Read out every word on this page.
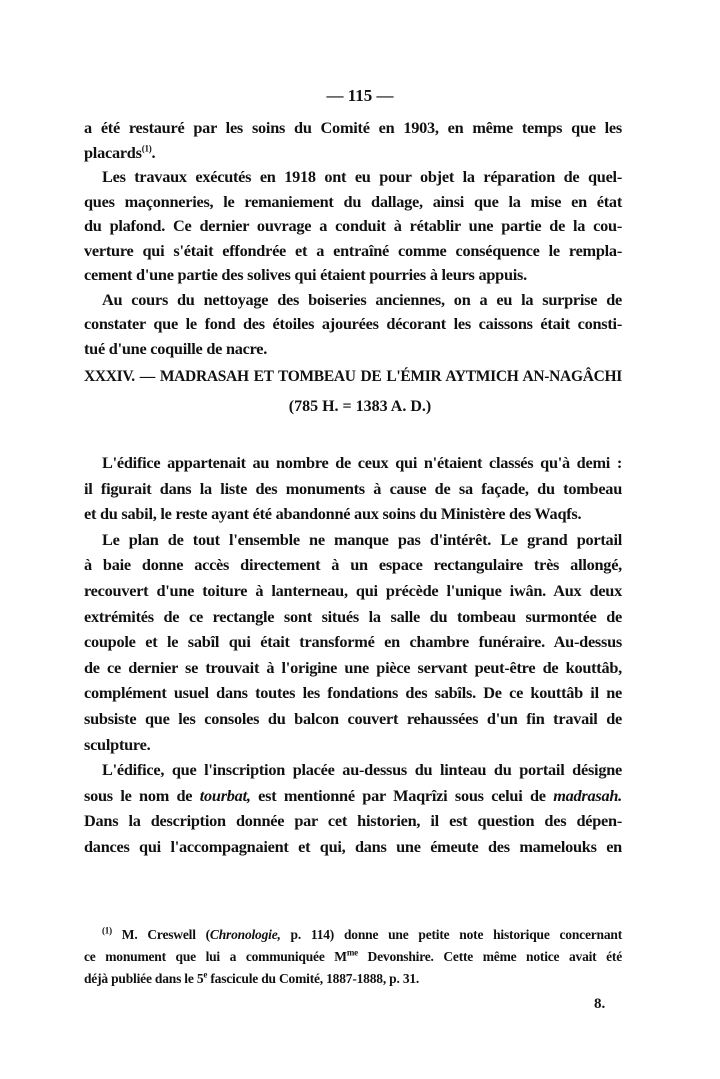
— 115 —
a été restauré par les soins du Comité en 1903, en même temps que les
placards$^{(1)}$.
Les travaux exécutés en 1918 ont eu pour objet la réparation de quel-
ques maçonneries, le remaniement du dallage, ainsi que la mise en état
du plafond. Ce dernier ouvrage a conduit à rétablir une partie de la cou-
verture qui s'était effondrée et a entraîné comme conséquence le rempla-
cement d'une partie des solives qui étaient pourries à leurs appuis.
Au cours du nettoyage des boiseries anciennes, on a eu la surprise de
constater que le fond des étoiles ajourées décorant les caissons était consti-
tué d'une coquille de nacre.
XXXIV. — MADRASAH ET TOMBEAU DE L'ÉMIR AYTMICH AN-NAGÂCHI
(785 H. = 1383 A. D.)
L'édifice appartenait au nombre de ceux qui n'étaient classés qu'à demi :
il figurait dans la liste des monuments à cause de sa façade, du tombeau
et du sabil, le reste ayant été abandonné aux soins du Ministère des Waqfs.
Le plan de tout l'ensemble ne manque pas d'intérêt. Le grand portail
à baie donne accès directement à un espace rectangulaire très allongé,
recouvert d'une toiture à lanterneau, qui précède l'unique iwân. Aux deux
extrémités de ce rectangle sont situés la salle du tombeau surmontée de
coupole et le sabîl qui était transformé en chambre funéraire. Au-dessus
de ce dernier se trouvait à l'origine une pièce servant peut-être de kouttâb,
complément usuel dans toutes les fondations des sabîls. De ce kouttâb il ne
subsiste que les consoles du balcon couvert rehaussées d'un fin travail de
sculpture.
L'édifice, que l'inscription placée au-dessus du linteau du portail désigne
sous le nom de tourbat, est mentionné par Maqrîzi sous celui de madrasah.
Dans la description donnée par cet historien, il est question des dépen-
dances qui l'accompagnaient et qui, dans une émeute des mamelouks en
$^{(1)}$ M. Creswell (Chronologie, p. 114) donne une petite note historique concernant
ce monument que lui a communiquée $M^{me}$ Devonshire. Cette même notice avait été
déjà publiée dans le 5e fascicule du Comité, 1887-1888, p. 31.
8.
